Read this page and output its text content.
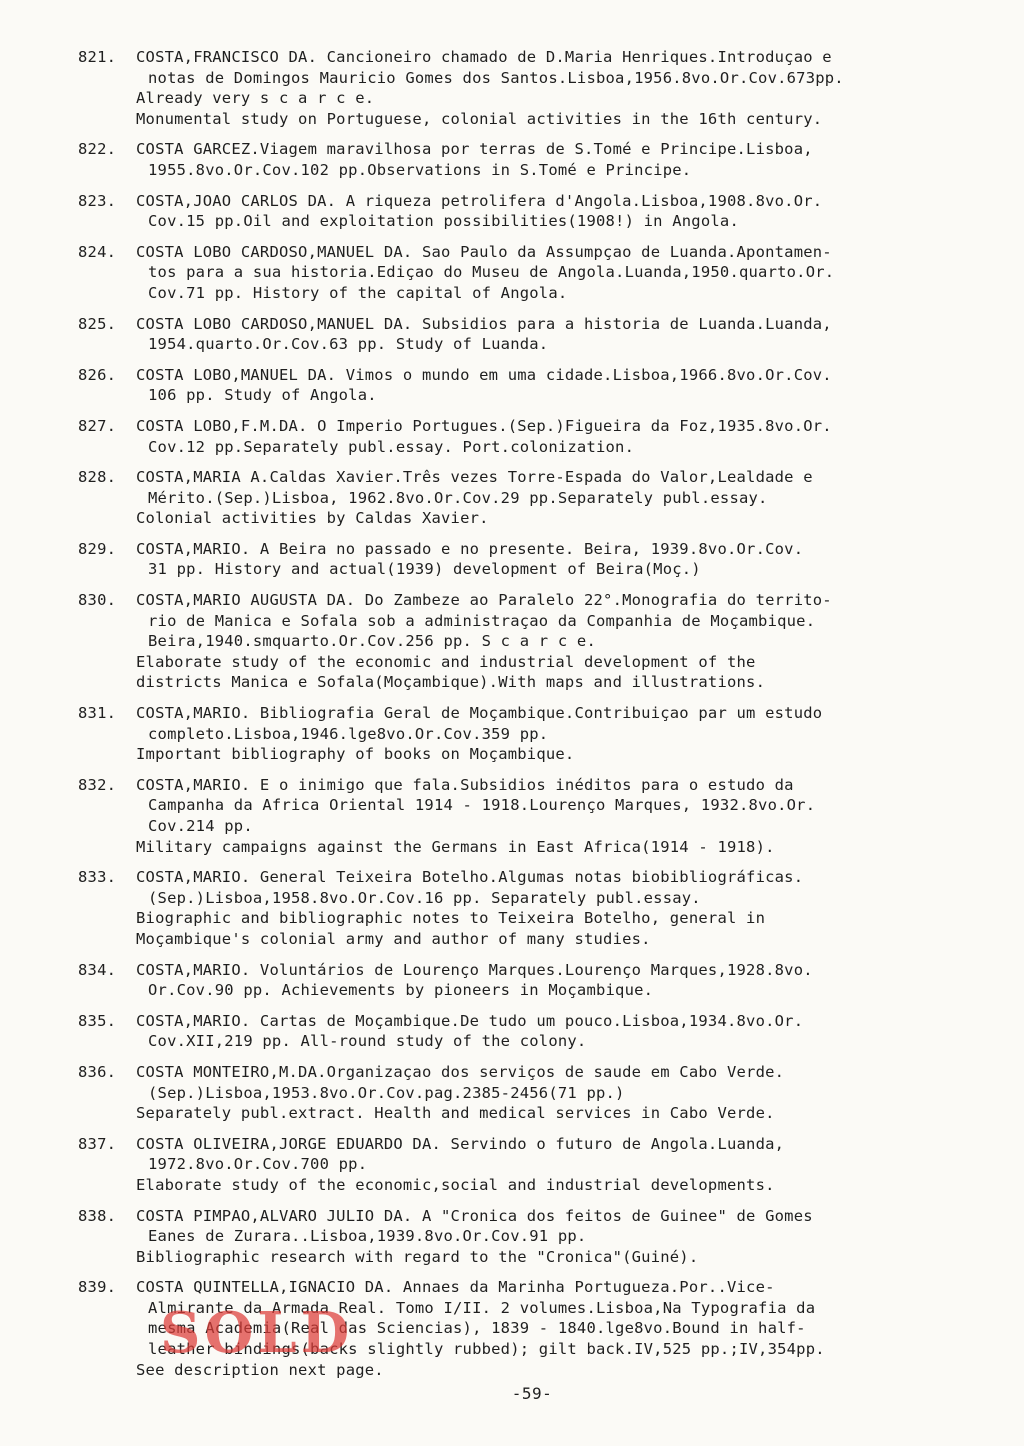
821.	COSTA,FRANCISCO DA. Cancioneiro chamado de D.Maria Henriques.Introduçao e
notas de Domingos Mauricio Gomes dos Santos.Lisboa,1956.8vo.Or.Cov.673pp.
Already very s c a r c e.
Monumental study on Portuguese, colonial activities in the 16th century.
822.	COSTA GARCEZ.Viagem maravilhosa por terras de S.Tomé e Principe.Lisboa,
1955.8vo.Or.Cov.102 pp.Observations in S.Tomé e Principe.
823.	COSTA,JOAO CARLOS DA. A riqueza petrolifera d'Angola.Lisboa,1908.8vo.Or.
Cov.15 pp.Oil and exploitation possibilities(1908!) in Angola.
824.	COSTA LOBO CARDOSO,MANUEL DA. Sao Paulo da Assumpçao de Luanda.Apontamen-
tos para a sua historia.Ediçao do Museu de Angola.Luanda,1950.quarto.Or.
Cov.71 pp. History of the capital of Angola.
825.	COSTA LOBO CARDOSO,MANUEL DA. Subsidios para a historia de Luanda.Luanda,
1954.quarto.Or.Cov.63 pp. Study of Luanda.
826.	COSTA LOBO,MANUEL DA. Vimos o mundo em uma cidade.Lisboa,1966.8vo.Or.Cov.
106 pp. Study of Angola.
827.	COSTA LOBO,F.M.DA. O Imperio Portugues.(Sep.)Figueira da Foz,1935.8vo.Or.
Cov.12 pp.Separately publ.essay. Port.colonization.
828.	COSTA,MARIA A.Caldas Xavier.Três vezes Torre-Espada do Valor,Lealdade e
Mérito.(Sep.)Lisboa, 1962.8vo.Or.Cov.29 pp.Separately publ.essay.
Colonial activities by Caldas Xavier.
829.	COSTA,MARIO. A Beira no passado e no presente. Beira, 1939.8vo.Or.Cov.
31 pp. History and actual(1939) development of Beira(Moç.)
830.	COSTA,MARIO AUGUSTA DA. Do Zambeze ao Paralelo 22°.Monografia do territo-
rio de Manica e Sofala sob a administraçao da Companhia de Moçambique.
Beira,1940.smquarto.Or.Cov.256 pp. S c a r c e.
Elaborate study of the economic and industrial development of the
districts Manica e Sofala(Moçambique).With maps and illustrations.
831.	COSTA,MARIO. Bibliografia Geral de Moçambique.Contribuiçao par um estudo
completo.Lisboa,1946.lge8vo.Or.Cov.359 pp.
Important bibliography of books on Moçambique.
832.	COSTA,MARIO. E o inimigo que fala.Subsidios inéditos para o estudo da
Campanha da Africa Oriental 1914 - 1918.Lourenço Marques, 1932.8vo.Or.
Cov.214 pp.
Military campaigns against the Germans in East Africa(1914 - 1918).
833.	COSTA,MARIO. General Teixeira Botelho.Algumas notas biobibliográficas.
(Sep.)Lisboa,1958.8vo.Or.Cov.16 pp. Separately publ.essay.
Biographic and bibliographic notes to Teixeira Botelho, general in
Moçambique's colonial army and author of many studies.
834.	COSTA,MARIO. Voluntários de Lourenço Marques.Lourenço Marques,1928.8vo.
Or.Cov.90 pp. Achievements by pioneers in Moçambique.
835.	COSTA,MARIO. Cartas de Moçambique.De tudo um pouco.Lisboa,1934.8vo.Or.
Cov.XII,219 pp. All-round study of the colony.
836.	COSTA MONTEIRO,M.DA.Organizaçao dos serviços de saude em Cabo Verde.
(Sep.)Lisboa,1953.8vo.Or.Cov.pag.2385-2456(71 pp.)
Separately publ.extract. Health and medical services in Cabo Verde.
837.	COSTA OLIVEIRA,JORGE EDUARDO DA. Servindo o futuro de Angola.Luanda,
1972.8vo.Or.Cov.700 pp.
Elaborate study of the economic,social and industrial developments.
838.	COSTA PIMPAO,ALVARO JULIO DA. A "Cronica dos feitos de Guinee" de Gomes
Eanes de Zurara..Lisboa,1939.8vo.Or.Cov.91 pp.
Bibliographic research with regard to the "Cronica"(Guiné).
839.	COSTA QUINTELLA,IGNACIO DA. Annaes da Marinha Portugueza.Por..Vice-
Almirante da Armada Real. Tomo I/II. 2 volumes.Lisboa,Na Typografia da
mesma Academia(Real das Sciencias), 1839 - 1840.lge8vo.Bound in half-
leather bindings(backs slightly rubbed); gilt back.IV,525 pp.;IV,354pp.
See description next page.
SOLD
-59-
